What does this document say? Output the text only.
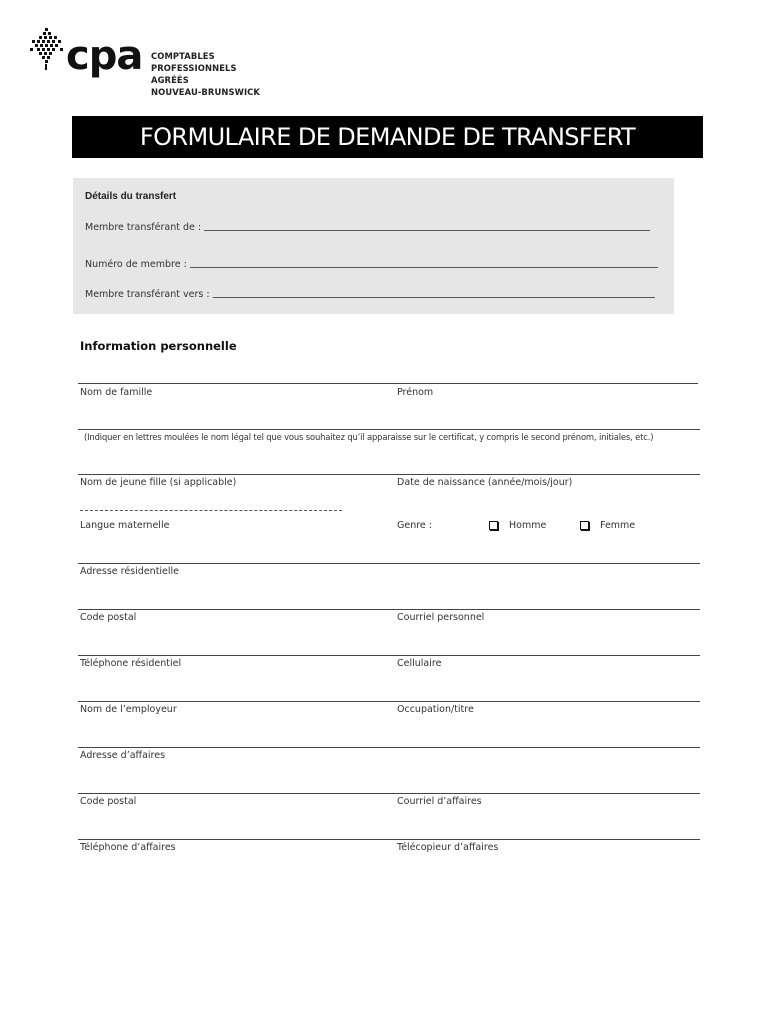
cpa COMPTABLES
PROFESSIONNELS
AGRÉÉS
NOUVEAU-BRUNSWICK
FORMULAIRE DE DEMANDE DE TRANSFERT
Détails du transfert
Membre transférant de :
Numéro de membre :
Membre transférant vers :
Information personnelle
Nom de famille	Prénom
(Indiquer en lettres moulées le nom légal tel que vous souhaitez qu’il apparaisse sur le certificat, y compris le second prénom, initiales, etc.)
Nom de jeune fille (si applicable)	Date de naissance (année/mois/jour)
Langue maternelle	Genre :	Homme	Femme
Adresse résidentielle
Code postal	Courriel personnel
Téléphone résidentiel	Cellulaire
Nom de l’employeur	Occupation/titre
Adresse d’affaires
Code postal	Courriel d’affaires
Téléphone d’affaires	Télécopieur d’affaires
